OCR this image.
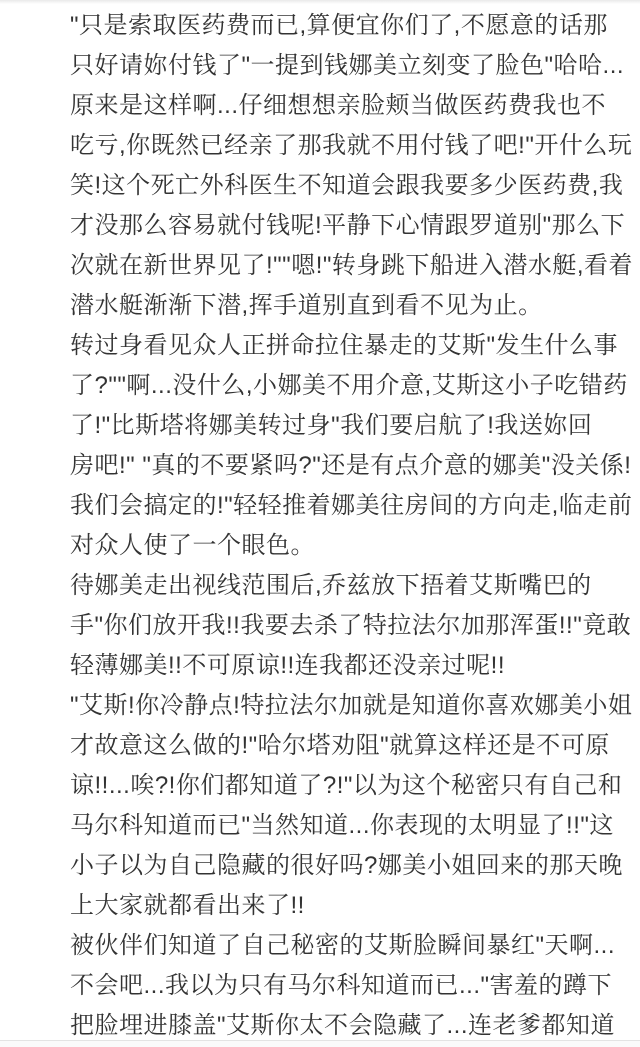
"只是索取医药费而已,算便宜你们了,不愿意的话那
只好请妳付钱了"一提到钱娜美立刻变了脸色"哈哈...
原来是这样啊...仔细想想亲脸颊当做医药费我也不
吃亏,你既然已经亲了那我就不用付钱了吧!"开什么玩
笑!这个死亡外科医生不知道会跟我要多少医药费,我
才没那么容易就付钱呢!平静下心情跟罗道别"那么下
次就在新世界见了!""嗯!"转身跳下船进入潜水艇,看着
潜水艇渐渐下潜,挥手道别直到看不见为止。
转过身看见众人正拼命拉住暴走的艾斯"发生什么事
了?""啊...没什么,小娜美不用介意,艾斯这小子吃错药
了!"比斯塔将娜美转过身"我们要启航了!我送妳回
房吧!" "真的不要紧吗?"还是有点介意的娜美"没关係!
我们会搞定的!"轻轻推着娜美往房间的方向走,临走前
对众人使了一个眼色。
待娜美走出视线范围后,乔兹放下捂着艾斯嘴巴的
手"你们放开我!!我要去杀了特拉法尔加那浑蛋!!"竟敢
轻薄娜美!!不可原谅!!连我都还没亲过呢!!
"艾斯!你冷静点!特拉法尔加就是知道你喜欢娜美小姐
才故意这么做的!"哈尔塔劝阻"就算这样还是不可原
谅!!...唉?!你们都知道了?!"以为这个秘密只有自己和
马尔科知道而已"当然知道...你表现的太明显了!!"这
小子以为自己隐藏的很好吗?娜美小姐回来的那天晚
上大家就都看出来了!!
被伙伴们知道了自己秘密的艾斯脸瞬间暴红"天啊...
不会吧...我以为只有马尔科知道而已..."害羞的蹲下
把脸埋进膝盖"艾斯你太不会隐藏了...连老爹都知道
